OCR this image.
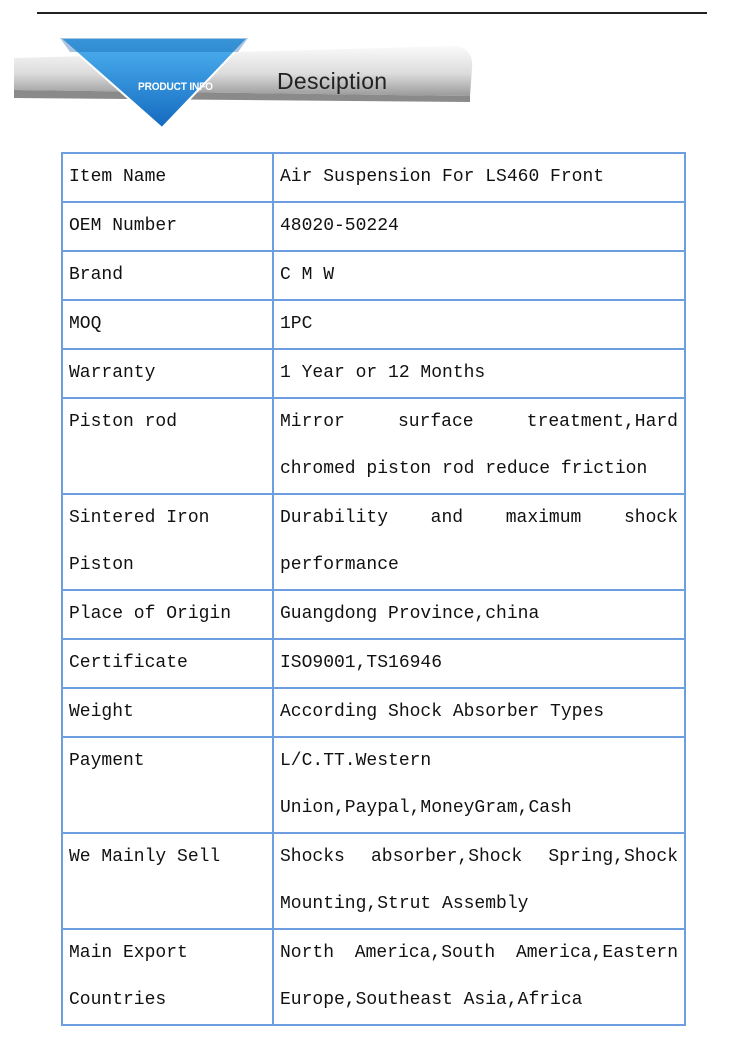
PRODUCT INFO	Desciption
Item Name	Air Suspension For LS460 Front
OEM Number	48020-50224
Brand	C M W
MOQ	1PC
Warranty	1 Year or 12 Months
Piston rod	Mirror surface treatment,Hard chromed piston rod reduce friction
Sintered Iron Piston	Durability and maximum shock performance
Place of Origin	Guangdong Province,china
Certificate	ISO9001,TS16946
Weight	According Shock Absorber Types
Payment	L/C.TT.Western Union,Paypal,MoneyGram,Cash
We Mainly Sell	Shocks absorber,Shock Spring,Shock Mounting,Strut Assembly
Main Export Countries	North America,South America,Eastern Europe,Southeast Asia,Africa
